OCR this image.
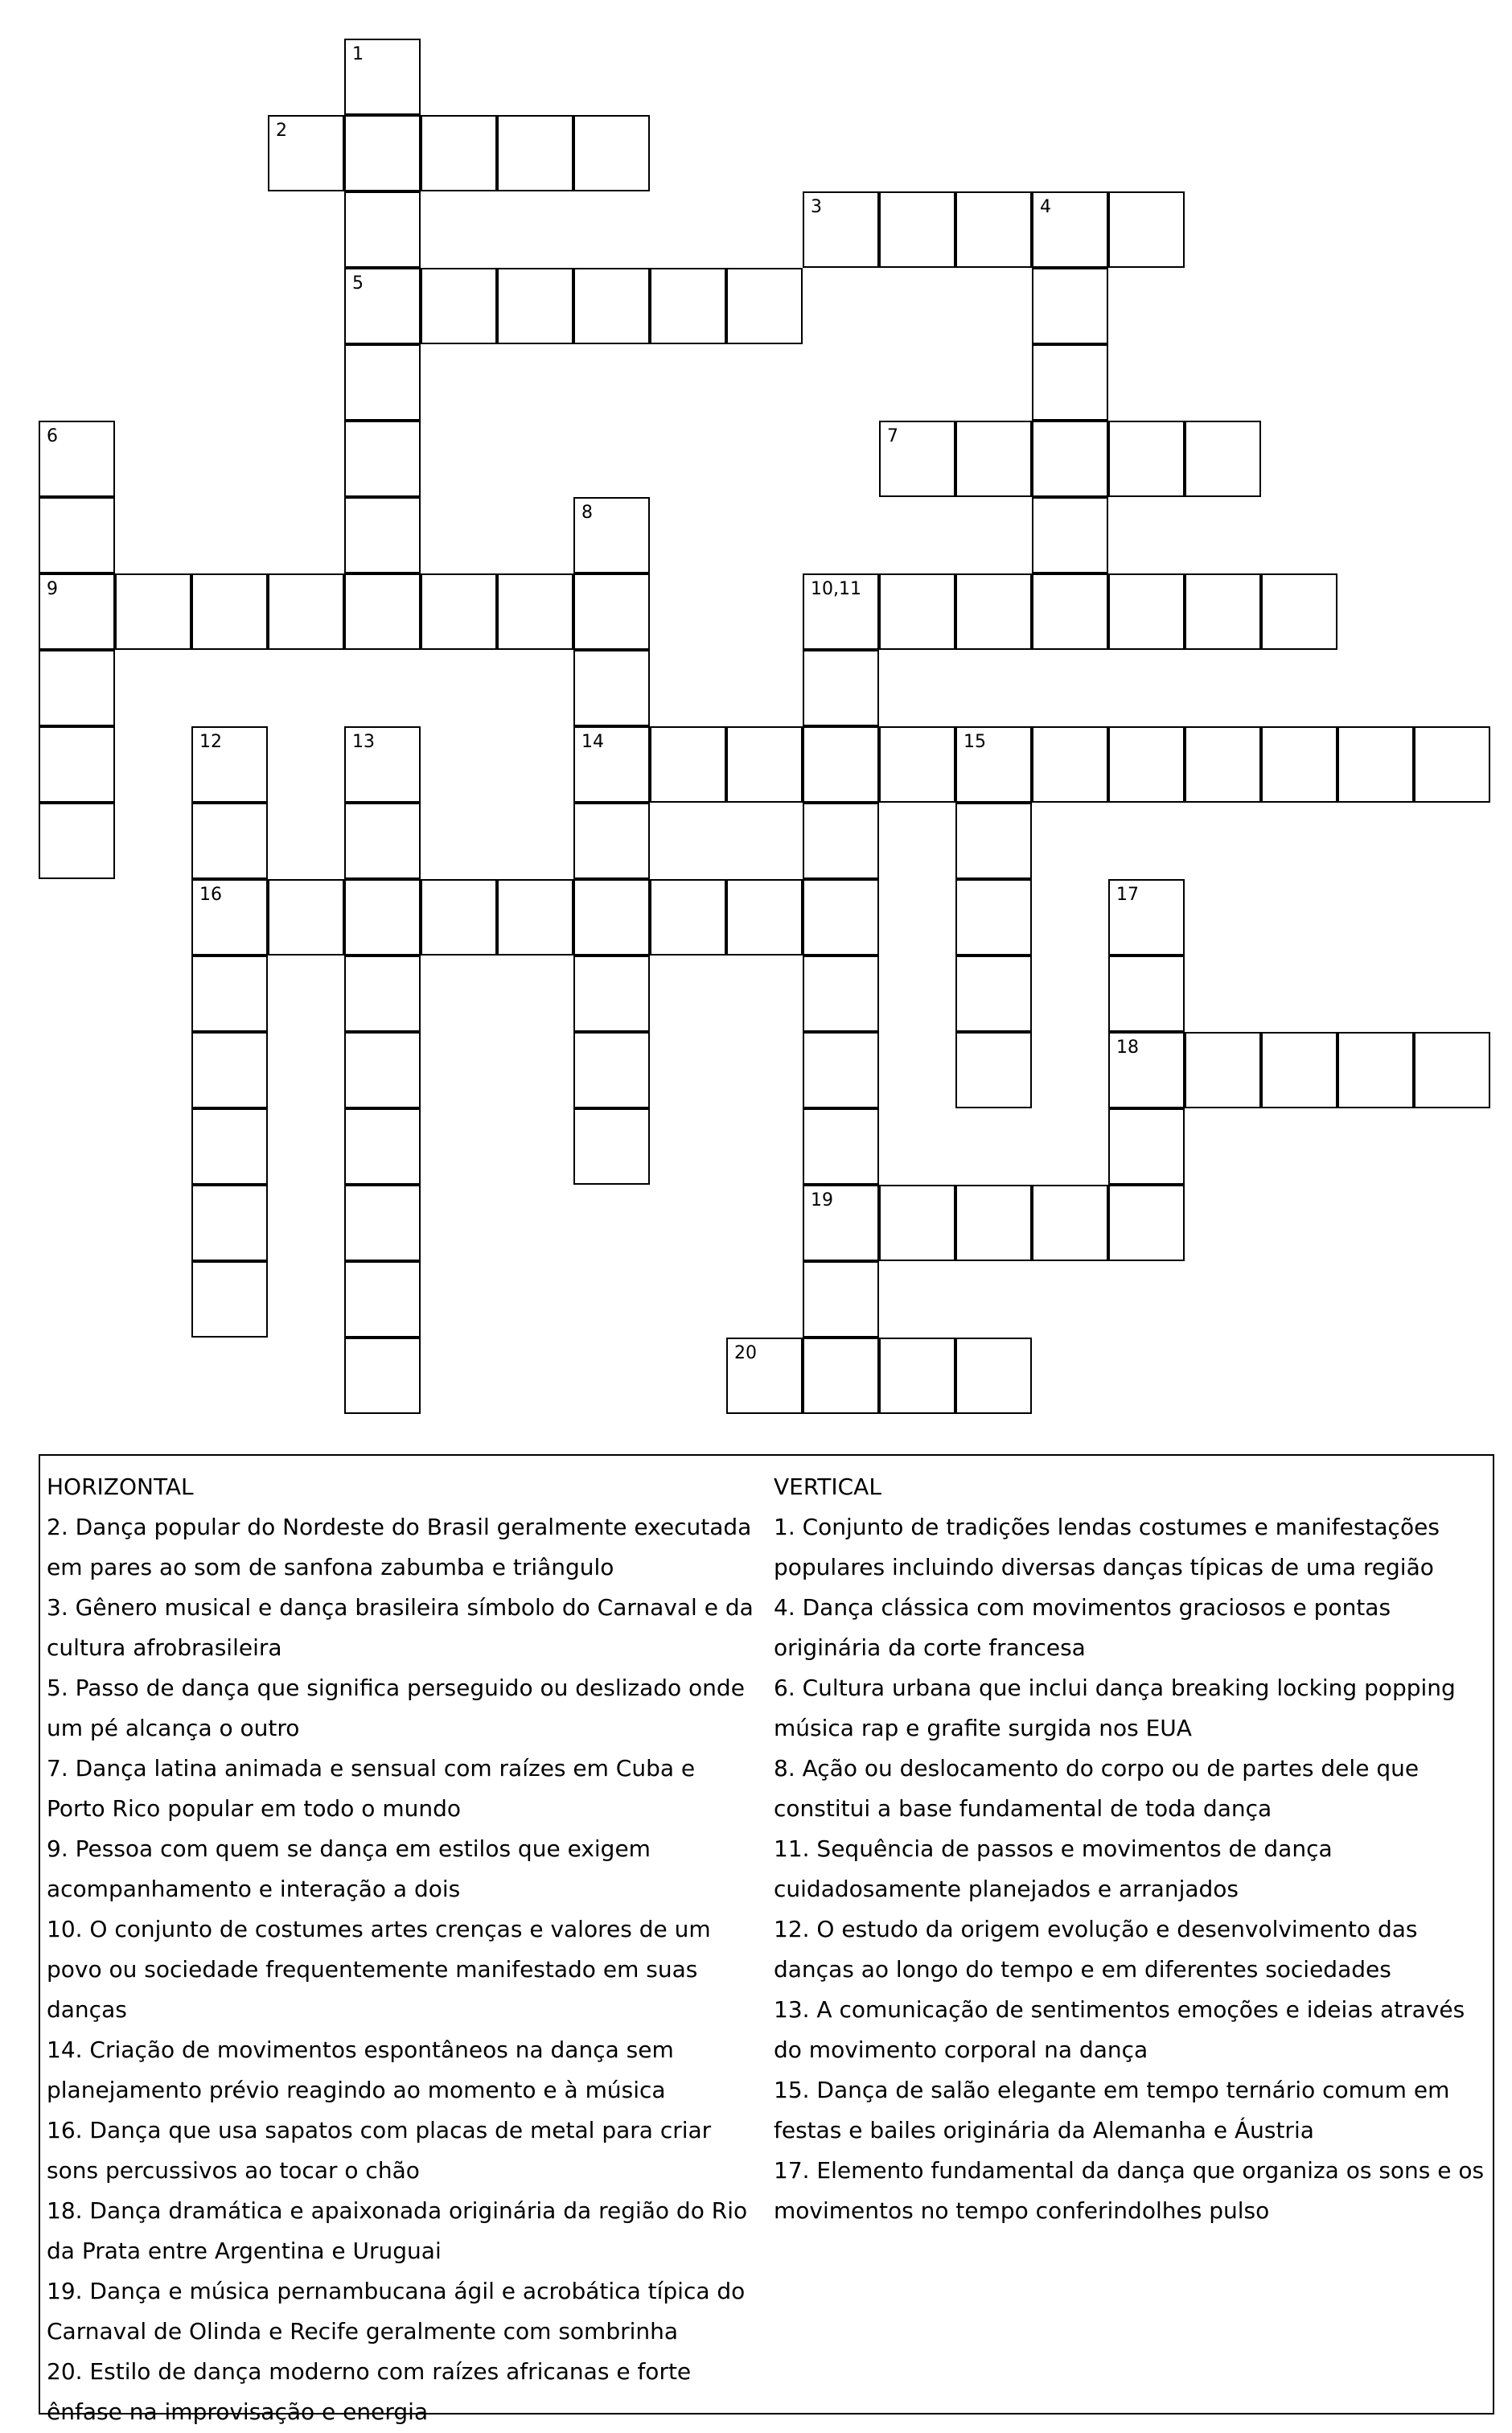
1
5
2
3	4
6
9
7
8
14
10,11
19
12
16
13	15
17
18
20
HORIZONTAL
2. Dança popular do Nordeste do Brasil geralmente executada em pares ao som de sanfona zabumba e triângulo
3. Gênero musical e dança brasileira símbolo do Carnaval e da cultura afrobrasileira
5. Passo de dança que significa perseguido ou deslizado onde um pé alcança o outro
7. Dança latina animada e sensual com raízes em Cuba e Porto Rico popular em todo o mundo
9. Pessoa com quem se dança em estilos que exigem acompanhamento e interação a dois
10. O conjunto de costumes artes crenças e valores de um povo ou sociedade frequentemente manifestado em suas danças
14. Criação de movimentos espontâneos na dança sem planejamento prévio reagindo ao momento e à música
16. Dança que usa sapatos com placas de metal para criar sons percussivos ao tocar o chão
18. Dança dramática e apaixonada originária da região do Rio da Prata entre Argentina e Uruguai
19. Dança e música pernambucana ágil e acrobática típica do Carnaval de Olinda e Recife geralmente com sombrinha
20. Estilo de dança moderno com raízes africanas e forte ênfase na improvisação e energia
VERTICAL
1. Conjunto de tradições lendas costumes e manifestações populares incluindo diversas danças típicas de uma região
4. Dança clássica com movimentos graciosos e pontas originária da corte francesa
6. Cultura urbana que inclui dança breaking locking popping música rap e grafite surgida nos EUA
8. Ação ou deslocamento do corpo ou de partes dele que constitui a base fundamental de toda dança
11. Sequência de passos e movimentos de dança cuidadosamente planejados e arranjados
12. O estudo da origem evolução e desenvolvimento das danças ao longo do tempo e em diferentes sociedades
13. A comunicação de sentimentos emoções e ideias através do movimento corporal na dança
15. Dança de salão elegante em tempo ternário comum em festas e bailes originária da Alemanha e Áustria
17. Elemento fundamental da dança que organiza os sons e os movimentos no tempo conferindolhes pulso
